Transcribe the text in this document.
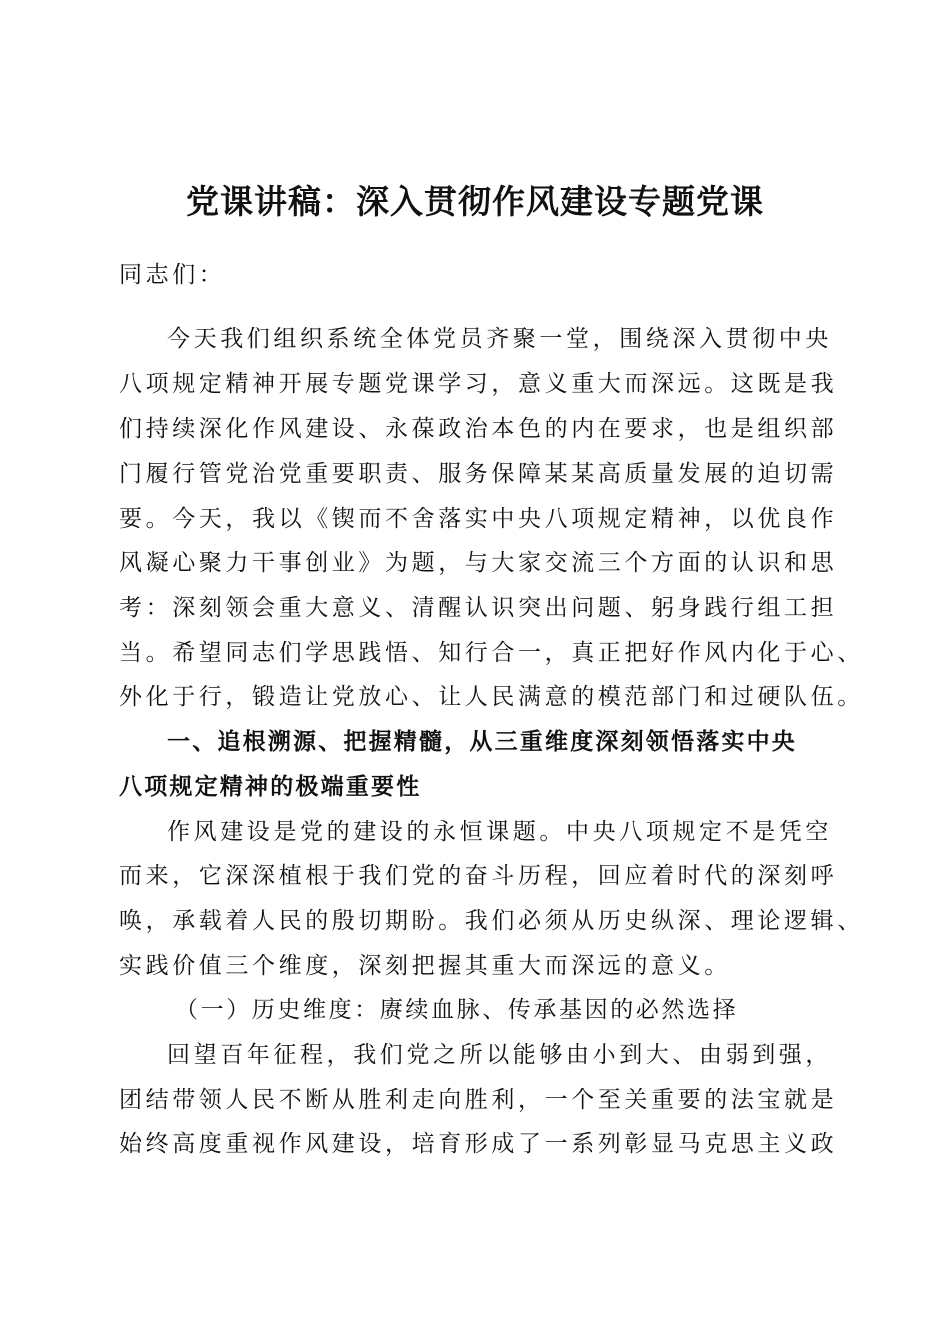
党课讲稿：深入贯彻作风建设专题党课
同志们：
今天我们组织系统全体党员齐聚一堂，围绕深入贯彻中央
八项规定精神开展专题党课学习，意义重大而深远。这既是我
们持续深化作风建设、永葆政治本色的内在要求，也是组织部
门履行管党治党重要职责、服务保障某某高质量发展的迫切需
要。今天，我以《锲而不舍落实中央八项规定精神，以优良作
风凝心聚力干事创业》为题，与大家交流三个方面的认识和思
考：深刻领会重大意义、清醒认识突出问题、躬身践行组工担
当。希望同志们学思践悟、知行合一，真正把好作风内化于心、
外化于行，锻造让党放心、让人民满意的模范部门和过硬队伍。
一、追根溯源、把握精髓，从三重维度深刻领悟落实中央
八项规定精神的极端重要性
作风建设是党的建设的永恒课题。中央八项规定不是凭空
而来，它深深植根于我们党的奋斗历程，回应着时代的深刻呼
唤，承载着人民的殷切期盼。我们必须从历史纵深、理论逻辑、
实践价值三个维度，深刻把握其重大而深远的意义。
（一）历史维度：赓续血脉、传承基因的必然选择
回望百年征程，我们党之所以能够由小到大、由弱到强，
团结带领人民不断从胜利走向胜利，一个至关重要的法宝就是
始终高度重视作风建设，培育形成了一系列彰显马克思主义政
